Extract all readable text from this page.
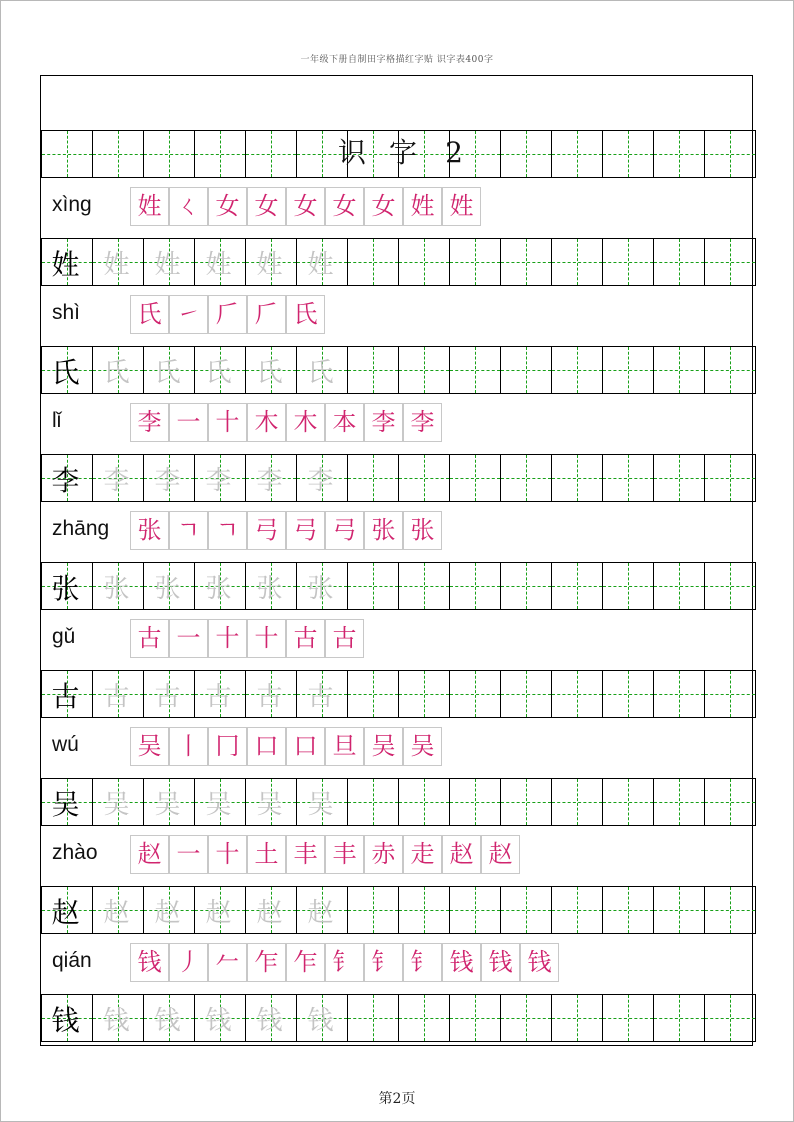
一年级下册自制田字格描红字贴 识字表400字
第2页
识 字	2
xìng	姓 ㄑ 女 女 女 女 女 姓 姓
姓 姓 姓 姓 姓 姓
shì	氏 ㇀ 𠂆 𠂆 氏
氏 氏 氏 氏 氏 氏
lǐ	李 一 十 木 木 本 李 李
李 李 李 李 李 李
zhāng	张 ㄱ ㄱ 弓 弓 弓 张 张
张 张 张 张 张 张
gǔ	古 一 十 十 古 古
古 古 古 古 古 古
wú	吴 丨 冂 口 口 旦 吴 吴
吴 吴 吴 吴 吴 吴
zhào	赵 一 十 土 丰 丰 赤 走 赵 赵
赵 赵 赵 赵 赵 赵
qián	钱 丿 𠂉 乍 乍 钅 钅 钅 钱 钱 钱
钱 钱 钱 钱 钱 钱
